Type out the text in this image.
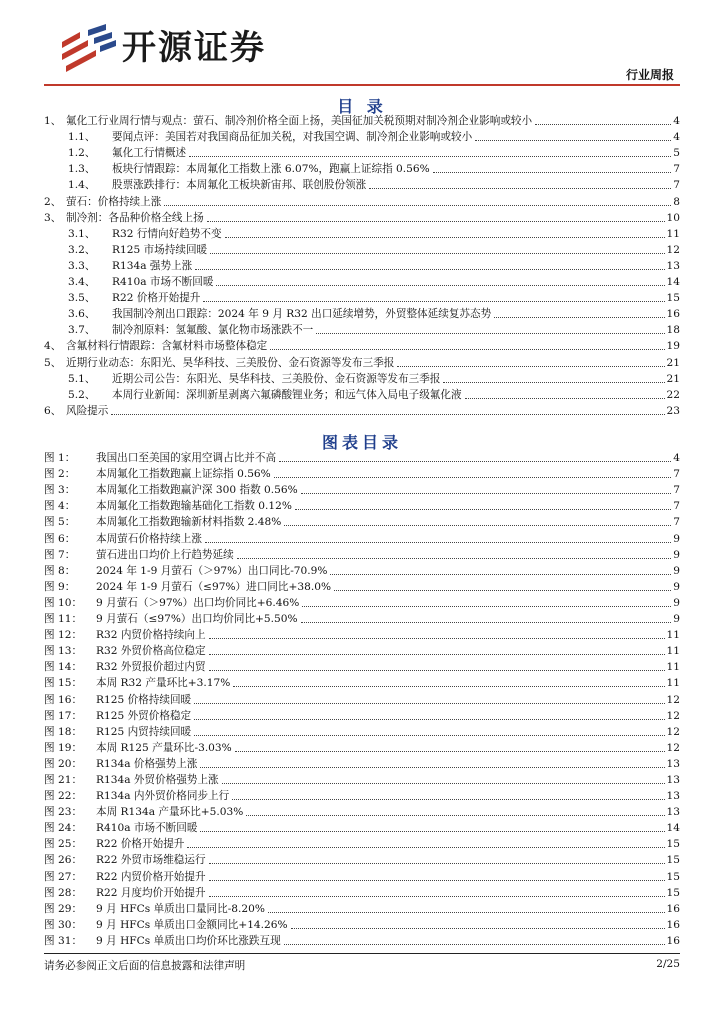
开源证券
行业周报
目 录
1、 氟化工行业周行情与观点：萤石、制冷剂价格全面上扬，美国征加关税预期对制冷剂企业影响或较小	4
1.1、	要闻点评：美国若对我国商品征加关税，对我国空调、制冷剂企业影响或较小	4
1.2、	氟化工行情概述	5
1.3、	板块行情跟踪：本周氟化工指数上涨 6.07%，跑赢上证综指 0.56%	7
1.4、	股票涨跌排行：本周氟化工板块新宙邦、联创股份领涨	7
2、 萤石：价格持续上涨	8
3、 制冷剂：各品种价格全线上扬	10
3.1、	R32 行情向好趋势不变	11
3.2、	R125 市场持续回暖	12
3.3、	R134a 强势上涨	13
3.4、	R410a 市场不断回暖	14
3.5、	R22 价格开始提升	15
3.6、	我国制冷剂出口跟踪：2024 年 9 月 R32 出口延续增势，外贸整体延续复苏态势	16
3.7、	制冷剂原料：氢氟酸、氯化物市场涨跌不一	18
4、 含氟材料行情跟踪：含氟材料市场整体稳定	19
5、 近期行业动态：东阳光、昊华科技、三美股份、金石资源等发布三季报	21
5.1、	近期公司公告：东阳光、昊华科技、三美股份、金石资源等发布三季报	21
5.2、	本周行业新闻：深圳新星剥离六氟磷酸锂业务；和远气体入局电子级氟化液	22
6、 风险提示	23
图表目录
图 1：	我国出口至美国的家用空调占比并不高	4
图 2：	本周氟化工指数跑赢上证综指 0.56%	7
图 3：	本周氟化工指数跑赢沪深 300 指数 0.56%	7
图 4：	本周氟化工指数跑输基础化工指数 0.12%	7
图 5：	本周氟化工指数跑输新材料指数 2.48%	7
图 6：	本周萤石价格持续上涨	9
图 7：	萤石进出口均价上行趋势延续	9
图 8：	2024 年 1-9 月萤石（＞97%）出口同比-70.9%	9
图 9：	2024 年 1-9 月萤石（≤97%）进口同比+38.0%	9
图 10：	9 月萤石（＞97%）出口均价同比+6.46%	9
图 11：	9 月萤石（≤97%）出口均价同比+5.50%	9
图 12：	R32 内贸价格持续向上	11
图 13：	R32 外贸价格高位稳定	11
图 14：	R32 外贸报价超过内贸	11
图 15：	本周 R32 产量环比+3.17%	11
图 16：	R125 价格持续回暖	12
图 17：	R125 外贸价格稳定	12
图 18：	R125 内贸持续回暖	12
图 19：	本周 R125 产量环比-3.03%	12
图 20：	R134a 价格强势上涨	13
图 21：	R134a 外贸价格强势上涨	13
图 22：	R134a 内外贸价格同步上行	13
图 23：	本周 R134a 产量环比+5.03%	13
图 24：	R410a 市场不断回暖	14
图 25：	R22 价格开始提升	15
图 26：	R22 外贸市场维稳运行	15
图 27：	R22 内贸价格开始提升	15
图 28：	R22 月度均价开始提升	15
图 29：	9 月 HFCs 单质出口量同比-8.20%	16
图 30：	9 月 HFCs 单质出口金额同比+14.26%	16
图 31：	9 月 HFCs 单质出口均价环比涨跌互现	16
请务必参阅正文后面的信息披露和法律声明	2/25
